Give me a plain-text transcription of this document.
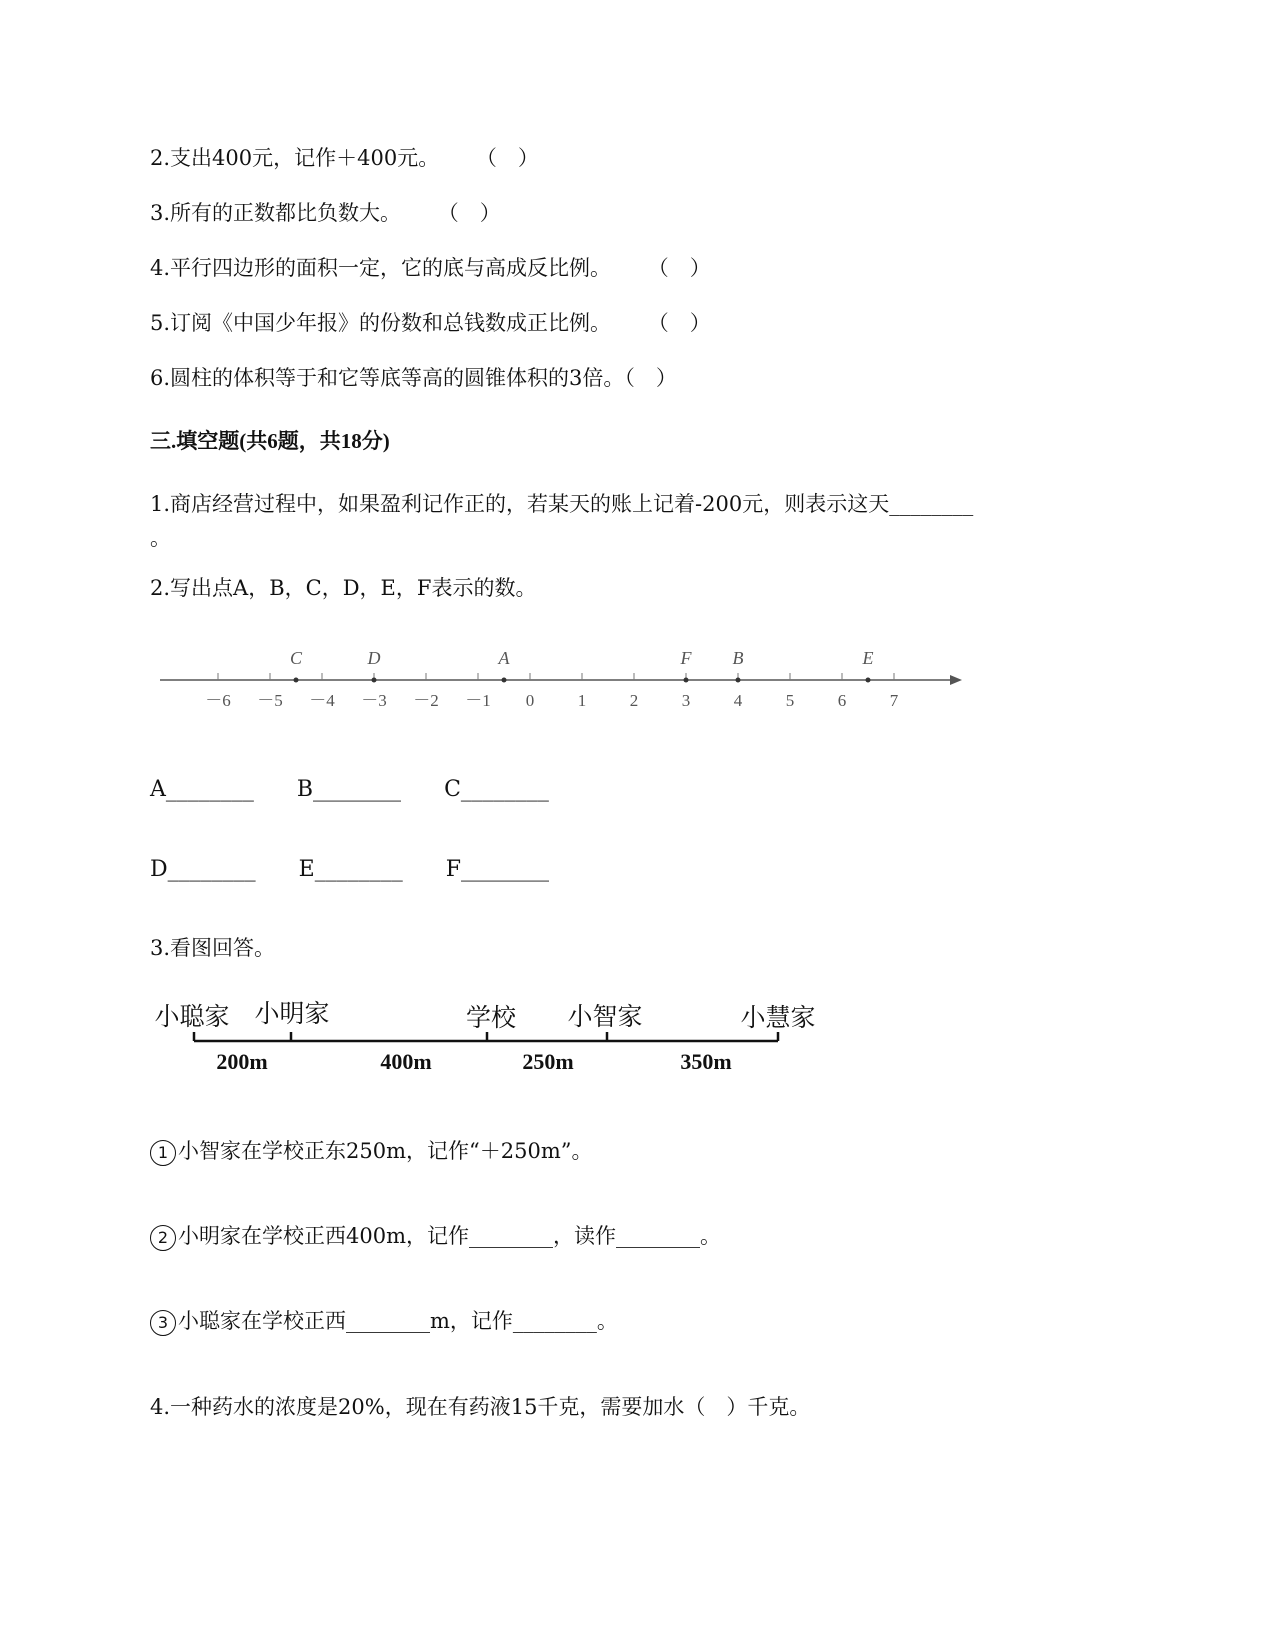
2.支出400元，记作＋400元。 （　）
3.所有的正数都比负数大。 （　）
4.平行四边形的面积一定，它的底与高成反比例。 （　）
5.订阅《中国少年报》的份数和总钱数成正比例。 （　）
6.圆柱的体积等于和它等底等高的圆锥体积的3倍。（　）
三.填空题(共6题，共18分)
1.商店经营过程中，如果盈利记作正的，若某天的账上记着-200元，则表示这天________
。
2.写出点A，B，C，D，E，F表示的数。
－6 －5 －4 －3 －2 －1 0	1	2	3	4	5	6	7
C	D	A	F B	E
A________ B________ C________
D________ E________ F________
3.看图回答。
小聪家 小明家	学校 小智家	小慧家
200m	400m	250m	350m
1 小智家在学校正东250m，记作“＋250m”。
2 小明家在学校正西400m，记作________，读作________。
3 小聪家在学校正西________m，记作________。
4.一种药水的浓度是20%，现在有药液15千克，需要加水（　）千克。
